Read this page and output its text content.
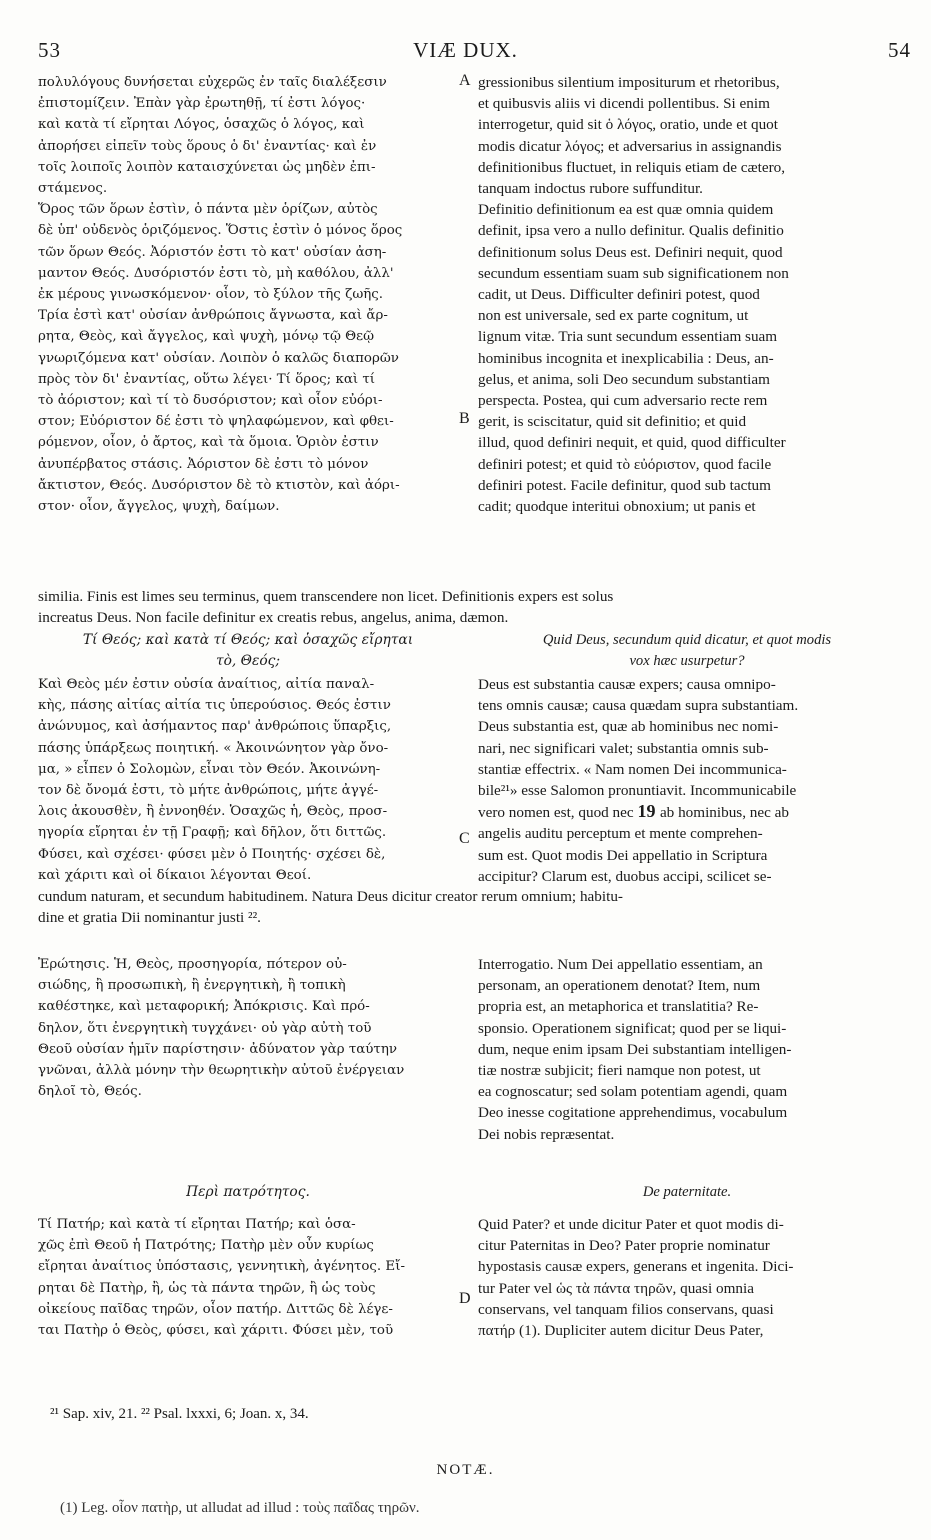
VIÆ DUX.
53	54
πολυλόγους δυνήσεται εὐχερῶς ἐν ταῖς διαλέξεσιν
ἐπιστομίζειν. Ἐπὰν γὰρ ἐρωτηθῇ, τί ἐστι λόγος·
καὶ κατὰ τί εἴρηται Λόγος, ὁσαχῶς ὁ λόγος, καὶ
ἀπορήσει εἰπεῖν τοὺς ὅρους ὁ δι' ἐναντίας· καὶ ἐν
τοῖς λοιποῖς λοιπὸν καταισχύνεται ὡς μηδὲν ἐπι-
στάμενος.
Ὅρος τῶν ὅρων ἐστὶν, ὁ πάντα μὲν ὁρίζων, αὐτὸς
δὲ ὑπ' οὐδενὸς ὁριζόμενος. Ὅστις ἐστὶν ὁ μόνος ὅρος
τῶν ὅρων Θεός. Ἀόριστόν ἐστι τὸ κατ' οὐσίαν ἀση-
μαντον Θεός. Δυσόριστόν ἐστι τὸ, μὴ καθόλου, ἀλλ'
ἐκ μέρους γινωσκόμενον· οἷον, τὸ ξύλον τῆς ζωῆς.
Τρία ἐστὶ κατ' οὐσίαν ἀνθρώποις ἄγνωστα, καὶ ἄρ-
ρητα, Θεὸς, καὶ ἄγγελος, καὶ ψυχὴ, μόνῳ τῷ Θεῷ
γνωριζόμενα κατ' οὐσίαν. Λοιπὸν ὁ καλῶς διαπορῶν
πρὸς τὸν δι' ἐναντίας, οὕτω λέγει· Τί ὅρος; καὶ τί
τὸ ἀόριστον; καὶ τί τὸ δυσόριστον; καὶ οἷον εὐόρι-
στον; Εὐόριστον δέ ἐστι τὸ ψηλαφώμενον, καὶ φθει-
ρόμενον, οἷον, ὁ ἄρτος, καὶ τὰ ὅμοια. Ὁριὸν ἐστιν
ἀνυπέρβατος στάσις. Ἀόριστον δὲ ἐστι τὸ μόνον
ἄκτιστον, Θεός. Δυσόριστον δὲ τὸ κτιστὸν, καὶ ἀόρι-
στον· οἷον, ἄγγελος, ψυχὴ, δαίμων.
gressionibus silentium impositurum et rhetoribus,
et quibusvis aliis vi dicendi pollentibus. Si enim
interrogetur, quid sit ὁ λόγος, oratio, unde et quot
modis dicatur λόγος; et adversarius in assignandis
definitionibus fluctuet, in reliquis etiam de cætero,
tanquam indoctus rubore suffunditur.
Definitio definitionum ea est quæ omnia quidem
definit, ipsa vero a nullo definitur. Qualis definitio
definitionum solus Deus est. Definiri nequit, quod
secundum essentiam suam sub significationem non
cadit, ut Deus. Difficulter definiri potest, quod
non est universale, sed ex parte cognitum, ut
lignum vitæ. Tria sunt secundum essentiam suam
hominibus incognita et inexplicabilia : Deus, an-
gelus, et anima, soli Deo secundum substantiam
perspecta. Postea, qui cum adversario recte rem
gerit, is sciscitatur, quid sit definitio; et quid
illud, quod definiri nequit, et quid, quod difficulter
definiri potest; et quid τὸ εὐόριστον, quod facile
definiri potest. Facile definitur, quod sub tactum
cadit; quodque interitui obnoxium; ut panis et
A
B
C
D
similia. Finis est limes seu terminus, quem transcendere non licet. Definitionis expers est solus
increatus Deus. Non facile definitur ex creatis rebus, angelus, anima, dæmon.
Τί Θεός; καὶ κατὰ τί Θεός; καὶ ὁσαχῶς εἴρηται
τὸ, Θεός;
Quid Deus, secundum quid dicatur, et quot modis
vox hæc usurpetur?
Καὶ Θεὸς μέν ἐστιν οὐσία ἀναίτιος, αἰτία παναλ-
κὴς, πάσης αἰτίας αἰτία τις ὑπερούσιος. Θεός ἐστιν
ἀνώνυμος, καὶ ἀσήμαντος παρ' ἀνθρώποις ὕπαρξις,
πάσης ὑπάρξεως ποιητική. « Ἀκοινώνητον γὰρ ὄνο-
μα, » εἶπεν ὁ Σολομὼν, εἶναι τὸν Θεόν. Ἀκοινώνη-
τον δὲ ὄνομά ἐστι, τὸ μήτε ἀνθρώποις, μήτε ἀγγέ-
λοις ἀκουσθὲν, ἢ ἐννοηθέν. Ὁσαχῶς ἡ, Θεὸς, προσ-
ηγορία εἴρηται ἐν τῇ Γραφῇ; καὶ δῆλον, ὅτι διττῶς.
Φύσει, καὶ σχέσει· φύσει μὲν ὁ Ποιητής· σχέσει δὲ,
καὶ χάριτι καὶ οἱ δίκαιοι λέγονται Θεοί.
Deus est substantia causæ expers; causa omnipo-
tens omnis causæ; causa quædam supra substantiam.
Deus substantia est, quæ ab hominibus nec nomi-
nari, nec significari valet; substantia omnis sub-
stantiæ effectrix. « Nam nomen Dei incommunica-
bile²¹» esse Salomon pronuntiavit. Incommunicabile
vero nomen est, quod nec 19 ab hominibus, nec ab
angelis auditu perceptum et mente comprehen-
sum est. Quot modis Dei appellatio in Scriptura
accipitur? Clarum est, duobus accipi, scilicet se-
cundum naturam, et secundum habitudinem. Natura Deus dicitur creator rerum omnium; habitu-
dine et gratia Dii nominantur justi ²².
Ἐρώτησις. Ἡ, Θεὸς, προσηγορία, πότερον οὐ-
σιώδης, ἢ προσωπικὴ, ἢ ἐνεργητικὴ, ἢ τοπικὴ
καθέστηκε, καὶ μεταφορική; Ἀπόκρισις. Καὶ πρό-
δηλον, ὅτι ἐνεργητικὴ τυγχάνει· οὐ γὰρ αὐτὴ τοῦ
Θεοῦ οὐσίαν ἡμῖν παρίστησιν· ἀδύνατον γὰρ ταύτην
γνῶναι, ἀλλὰ μόνην τὴν θεωρητικὴν αὐτοῦ ἐνέργειαν
δηλοῖ τὸ, Θεός.
Interrogatio. Num Dei appellatio essentiam, an
personam, an operationem denotat? Item, num
propria est, an metaphorica et translatitia? Re-
sponsio. Operationem significat; quod per se liqui-
dum, neque enim ipsam Dei substantiam intelligen-
tiæ nostræ subjicit; fieri namque non potest, ut
ea cognoscatur; sed solam potentiam agendi, quam
Deo inesse cogitatione apprehendimus, vocabulum
Dei nobis repræsentat.
Περὶ πατρότητος.	De paternitate.
Τί Πατήρ; καὶ κατὰ τί εἴρηται Πατήρ; καὶ ὁσα-
χῶς ἐπὶ Θεοῦ ἡ Πατρότης; Πατὴρ μὲν οὖν κυρίως
εἴρηται ἀναίτιος ὑπόστασις, γεννητικὴ, ἀγένητος. Εἴ-
ρηται δὲ Πατὴρ, ἢ, ὡς τὰ πάντα τηρῶν, ἢ ὡς τοὺς
οἰκείους παῖδας τηρῶν, οἷον πατήρ. Διττῶς δὲ λέγε-
ται Πατὴρ ὁ Θεὸς, φύσει, καὶ χάριτι. Φύσει μὲν, τοῦ
Quid Pater? et unde dicitur Pater et quot modis di-
citur Paternitas in Deo? Pater proprie nominatur
hypostasis causæ expers, generans et ingenita. Dici-
tur Pater vel ὡς τὰ πάντα τηρῶν, quasi omnia
conservans, vel tanquam filios conservans, quasi
πατήρ (1). Dupliciter autem dicitur Deus Pater,
²¹ Sap. xiv, 21. ²² Psal. lxxxi, 6; Joan. x, 34.
NOTÆ.
(1) Leg. οἷον πατὴρ, ut alludat ad illud : τοὺς παῖδας τηρῶν.
